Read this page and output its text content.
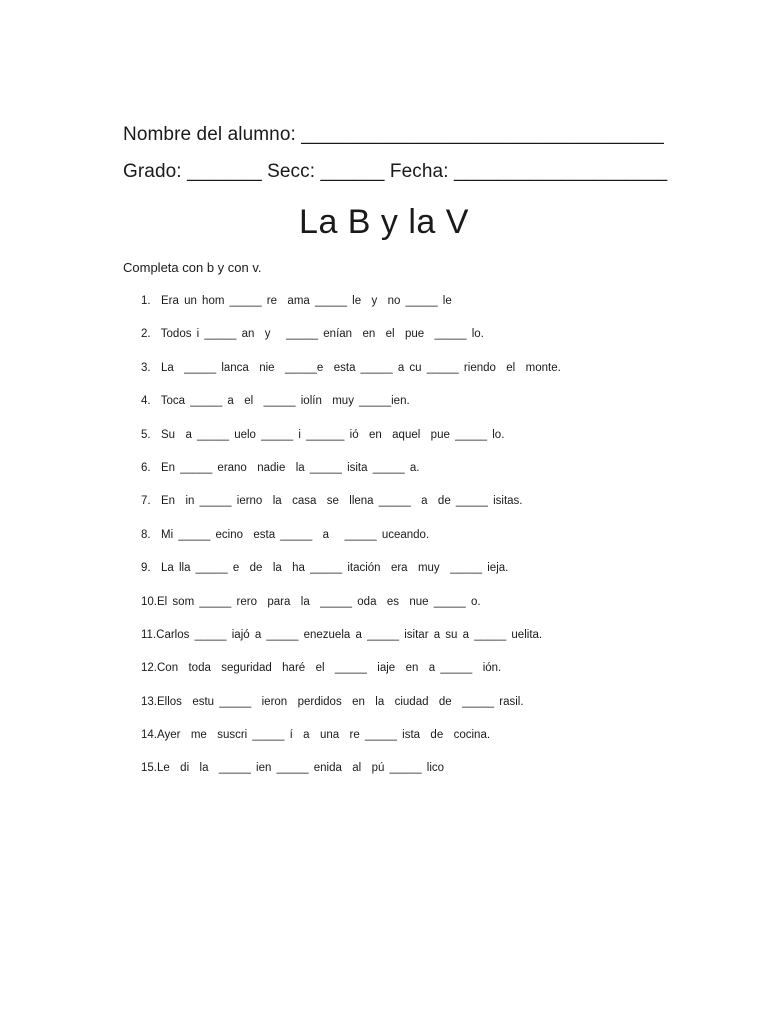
Nombre del alumno: __________________________________
Grado: _______ Secc: ______ Fecha: ____________________
La B y la V
Completa con b y con v.
1.  Era un hom _____ re  ama _____ le  y  no _____ le
2.  Todos i _____ an  y   _____ enían  en  el  pue  _____ lo.
3.  La  _____ lanca  nie  _____e  esta _____ a cu _____ riendo  el  monte.
4.  Toca _____ a  el  _____ iolín  muy _____ien.
5.  Su  a _____ uelo _____ i ______ ió  en  aquel  pue _____ lo.
6.  En _____ erano  nadie  la _____ isita _____ a.
7.  En  in _____ ierno  la  casa  se  llena _____  a  de _____ isitas.
8.  Mi _____ ecino  esta _____  a   _____ uceando.
9.  La lla _____ e  de  la  ha _____ itación  era  muy  _____ ieja.
10.El som _____ rero  para  la  _____ oda  es  nue _____ o.
11.Carlos _____ iajó a _____ enezuela a _____ isitar a su a _____ uelita.
12.Con  toda  seguridad  haré  el  _____  iaje  en  a _____  ión.
13.Ellos  estu _____  ieron  perdidos  en  la  ciudad  de  _____ rasil.
14.Ayer  me  suscri _____ í  a  una  re _____ ista  de  cocina.
15.Le  di  la  _____ ien _____ enida  al  pú _____ lico
